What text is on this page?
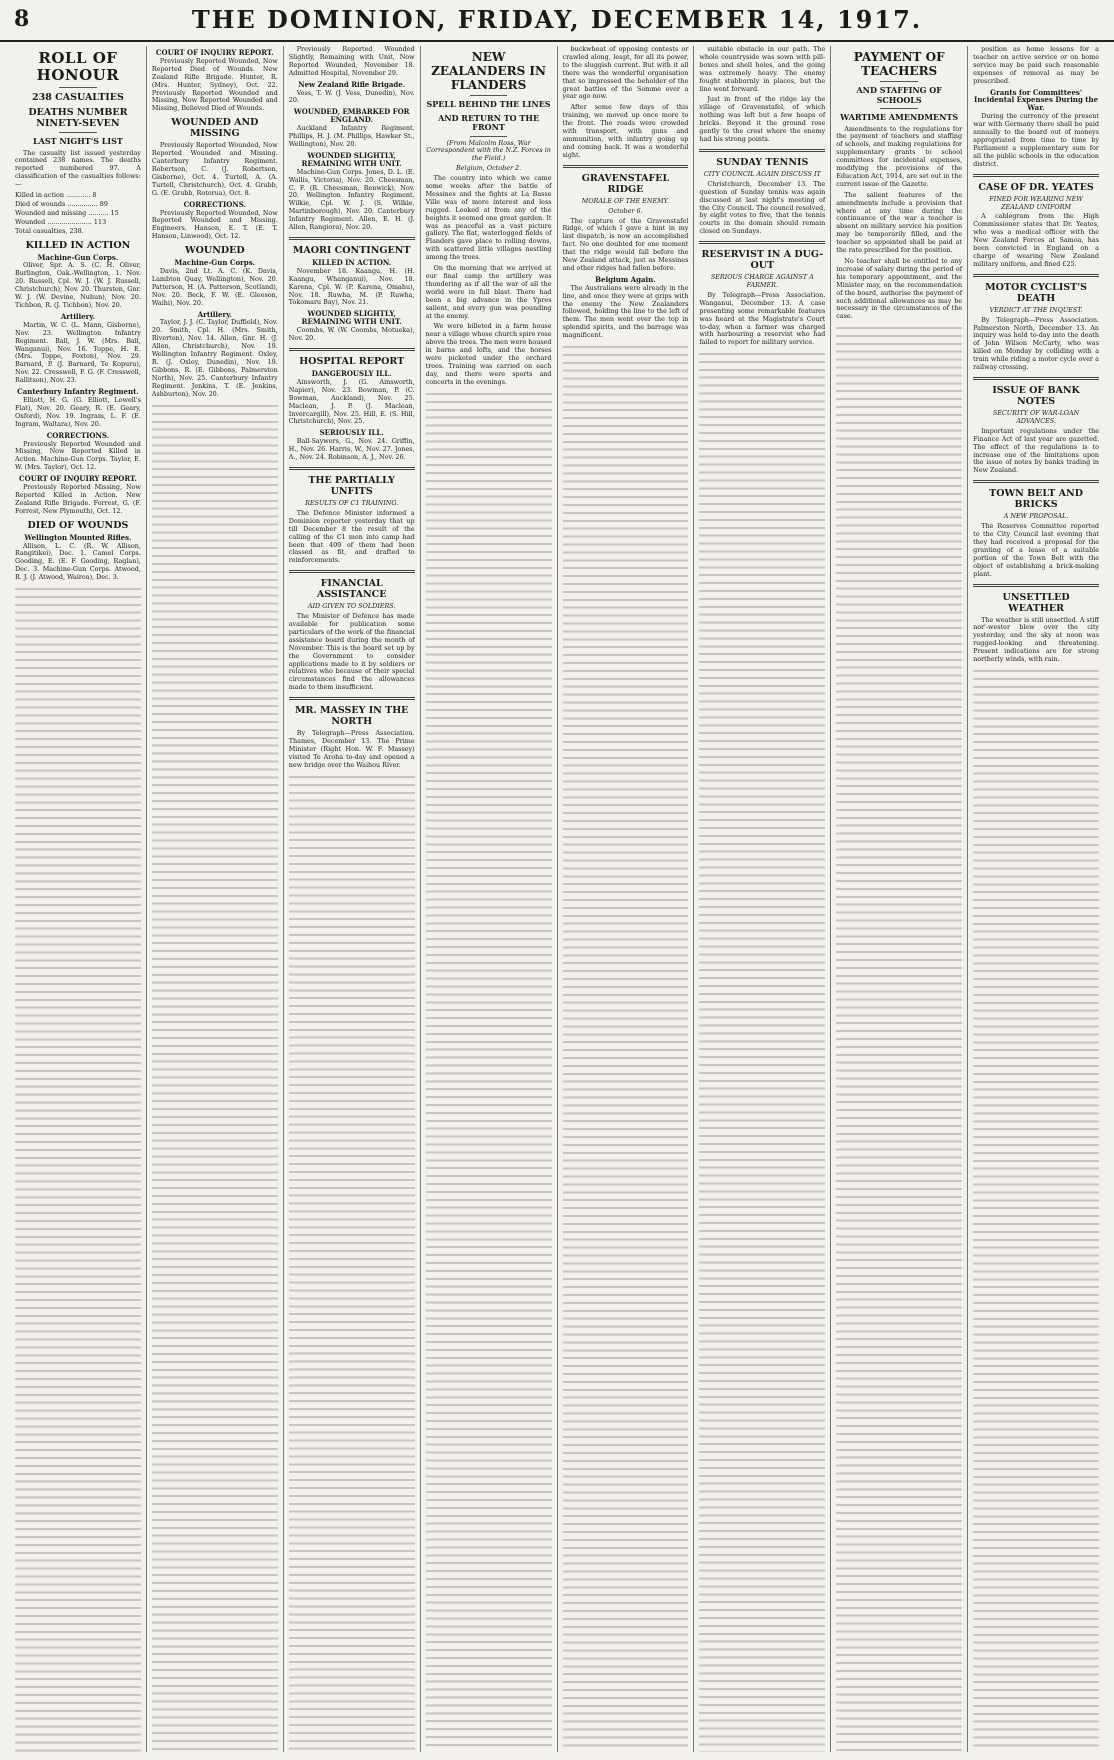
8	THE DOMINION, FRIDAY, DECEMBER 14, 1917.
ROLL OF HONOUR
238 CASUALTIES
DEATHS NUMBER NINETY-SEVEN
LAST NIGHT'S LIST

The casualty list issued yesterday contained 238 names. The deaths reported numbered 97. A classification of the casualties follows:—

Killed in action ............ 8

Died of wounds ............... 89

Wounded and missing .......... 15

Wounded ...................... 113

Total casualties, 238.

KILLED IN ACTION
Machine-Gun Corps.

Oliver, Spr. A. S. (C. H. Oliver, Burlington, Oak.-Wellington, 1. Nov. 20. Russell, Cpl. W. J. (W. J. Russell, Christchurch), Nov. 20. Thurston, Gnr. W. J. (W. Devine, Nuhun), Nov. 20. Tichbon, R. (J. Tichbon), Nov. 20.

Artillery.

Martin, W. C. (L. Mann, Gisborne), Nov. 23. Wellington Infantry Regiment. Ball, J. W. (Mrs. Ball, Wanganui), Nov. 16. Toppe, H. E. (Mrs. Toppe, Foxton), Nov. 29. Barnard, P. (J. Barnard, Te Kopuru), Nov. 22. Cresswell, F. G. (F. Cresswell, Rallitson), Nov. 23.

Canterbury Infantry Regiment.

Elliott, H. G. (G. Elliott, Lowell's Flat), Nov. 20. Geary, R. (E. Geary, Oxford), Nov. 19. Ingram, L. F. (E. Ingram, Waltara), Nov. 20.

CORRECTIONS.

Previously Reported Wounded and Missing, Now Reported Killed in Action. Machine-Gun Corps. Taylor, E. W. (Mrs. Taylor), Oct. 12.

COURT OF INQUIRY REPORT.

Previously Reported Missing, Now Reported Killed in Action. New Zealand Rifle Brigade. Forrest, G. (F. Forrest, New Plymouth), Oct. 12.

DIED OF WOUNDS
Wellington Mounted Rifles.

Allison, L. C. (R. W. Allison, Rangitikei), Dec. 1. Camel Corps. Gooding, E. (E. F. Gooding, Raglan), Dec. 3. Machine-Gun Corps. Atwood, R. J. (J. Atwood, Wairoa), Dec. 3.

COURT OF INQUIRY REPORT.

Previously Reported Wounded, Now Reported Died of Wounds. New Zealand Rifle Brigade. Hunter, R. (Mrs. Hunter, Sydney), Oct. 22. Previously Reported Wounded and Missing, Now Reported Wounded and Missing, Believed Died of Wounds.

WOUNDED AND MISSING

Previously Reported Wounded, Now Reported Wounded and Missing. Canterbury Infantry Regiment. Robertson, C. (J. Robertson, Gisborne), Oct. 4. Turtell, A. (A. Turtell, Christchurch), Oct. 4. Grubb, G. (E. Grubb, Rotorua), Oct. 8.

CORRECTIONS.

Previously Reported Wounded, Now Reported Wounded and Missing. Engineers. Hanson, E. T. (E. T. Hanson, Linwood), Oct. 12.

WOUNDED
Machine-Gun Corps.

Davis, 2nd Lt. A. C. (K. Davis, Lambton Quay, Wellington), Nov. 20. Patterson, H. (A. Patterson, Scotland), Nov. 20. Beck, F. W. (E. Gleeson, Waihi), Nov. 20.

Artillery.

Taylor, J. J. (C. Taylor, Duffield), Nov. 20. Smith, Cpl. H. (Mrs. Smith, Riverton), Nov. 14. Allen, Gnr. H. (J. Allen, Christchurch), Nov. 19. Wellington Infantry Regiment. Oxley, R. (J. Oxley, Dunedin), Nov. 19. Gibbons, R. (E. Gibbons, Palmerston North), Nov. 25. Canterbury Infantry Regiment. Jenkins, T. (E. Jenkins, Ashburton), Nov. 20.

Previously Reported Wounded Slightly, Remaining with Unit, Now Reported Wounded, November 18. Admitted Hospital, November 29.

New Zealand Rifle Brigade.

Vess, T. W. (J. Vess, Dunedin), Nov. 20.

WOUNDED, EMBARKED FOR ENGLAND.

Auckland Infantry Regiment. Phillips, H. J. (M. Phillips, Hawker St., Wellington), Nov. 20.

WOUNDED SLIGHTLY, REMAINING WITH UNIT.

Machine-Gun Corps. Jones, D. L. (E. Wallis, Victoria), Nov. 20. Cheesman, C. F. (R. Cheesman, Renwick), Nov. 20. Wellington Infantry Regiment. Wilkie, Cpl. W. J. (S. Wilkie, Martinborough), Nov. 20. Canterbury Infantry Regiment. Allen, E. H. (J. Allen, Rangiora), Nov. 20.

MAORI CONTINGENT
KILLED IN ACTION.

November 18. Kaangu, H. (H. Kaangu, Whanganui), Nov. 18. Karena, Cpl. W. (P. Karena, Omahu), Nov. 18. Ruwha, M. (P. Ruwha, Tokomaru Bay), Nov. 21.

WOUNDED SLIGHTLY, REMAINING WITH UNIT.

Coombs, W. (W. Coombs, Motueka), Nov. 20.

HOSPITAL REPORT
DANGEROUSLY ILL.

Ainsworth, J. (G. Ainsworth, Napier), Nov. 23. Bowman, P. (C. Bowman, Auckland), Nov. 25. Maclean, J. P. (J. Maclean, Invercargill), Nov. 25. Hill, E. (S. Hill, Christchurch), Nov. 25.

SERIOUSLY ILL.

Ball-Saywers, G., Nov. 24. Griffin, H., Nov. 26. Harris, W., Nov. 27. Jones, A., Nov. 24. Robinson, A. J., Nov. 26.

THE PARTIALLY UNFITS
RESULTS OF C1 TRAINING.

The Defence Minister informed a Dominion reporter yesterday that up till December 8 the result of the calling of the C1 men into camp had been that 409 of them had been classed as fit, and drafted to reinforcements.

FINANCIAL ASSISTANCE
AID GIVEN TO SOLDIERS.

The Minister of Defence has made available for publication some particulars of the work of the financial assistance board during the month of November. This is the board set up by the Government to consider applications made to it by soldiers or relatives who because of their special circumstances find the allowances made to them insufficient.

MR. MASSEY IN THE NORTH

By Telegraph—Press Association. Thames, December 13. The Prime Minister (Right Hon. W. F. Massey) visited Te Aroha to-day and opened a new bridge over the Waihou River.

NEW ZEALANDERS IN FLANDERS
SPELL BEHIND THE LINES
AND RETURN TO THE FRONT
(From Malcolm Ross, War Correspondent with the N.Z. Forces in the Field.)
Belgium, October 2.

The country into which we came some weeks after the battle of Messines and the fights at La Basse Ville was of more interest and less rugged. Looked at from any of the heights it seemed one great garden. It was as peaceful as a vast picture gallery. The flat, waterlogged fields of Flanders gave place to rolling downs, with scattered little villages nestling among the trees.

On the morning that we arrived at our final camp the artillery was thundering as if all the war of all the world were in full blast. There had been a big advance in the Ypres salient, and every gun was pounding at the enemy.

We were billeted in a farm house near a village whose church spire rose above the trees. The men were housed in barns and lofts, and the horses were picketed under the orchard trees. Training was carried on each day, and there were sports and concerts in the evenings.

buckwheat of opposing contests or crawled along, leapt, for all its power, to the sluggish current. But with it all there was the wonderful organisation that so impressed the beholder of the great battles of the Somme over a year ago now.

After some few days of this training, we moved up once more to the front. The roads were crowded with transport, with guns and ammunition, with infantry going up and coming back. It was a wonderful sight.

GRAVENSTAFEL RIDGE
MORALE OF THE ENEMY.
October 6.

The capture of the Gravenstafel Ridge, of which I gave a hint in my last dispatch, is now an accomplished fact. No one doubted for one moment that the ridge would fall before the New Zealand attack, just as Messines and other ridges had fallen before.

Belgium Again.

The Australians were already in the line, and once they were at grips with the enemy the New Zealanders followed, holding the line to the left of them. The men went over the top in splendid spirits, and the barrage was magnificent.

suitable obstacle in our path. The whole countryside was sown with pill-boxes and shell holes, and the going was extremely heavy. The enemy fought stubbornly in places, but the line went forward.

Just in front of the ridge lay the village of Gravenstafel, of which nothing was left but a few heaps of bricks. Beyond it the ground rose gently to the crest where the enemy had his strong points.

SUNDAY TENNIS
CITY COUNCIL AGAIN DISCUSS IT

Christchurch, December 13. The question of Sunday tennis was again discussed at last night's meeting of the City Council. The council resolved, by eight votes to five, that the tennis courts in the domain should remain closed on Sundays.

RESERVIST IN A DUG-OUT
SERIOUS CHARGE AGAINST A FARMER.

By Telegraph—Press Association. Wanganui, December 13. A case presenting some remarkable features was heard at the Magistrate's Court to-day, when a farmer was charged with harbouring a reservist who had failed to report for military service.

PAYMENT OF TEACHERS
AND STAFFING OF SCHOOLS
WARTIME AMENDMENTS

Amendments to the regulations for the payment of teachers and staffing of schools, and making regulations for supplementary grants to school committees for incidental expenses, modifying the provisions of the Education Act, 1914, are set out in the current issue of the Gazette.

The salient features of the amendments include a provision that where at any time during the continuance of the war a teacher is absent on military service his position may be temporarily filled, and the teacher so appointed shall be paid at the rate prescribed for the position.

No teacher shall be entitled to any increase of salary during the period of his temporary appointment, and the Minister may, on the recommendation of the board, authorise the payment of such additional allowances as may be necessary in the circumstances of the case.

position as home lessons for a teacher on active service or on home service may be paid such reasonable expenses of removal as may be prescribed.

Grants for Committees' Incidental Expenses During the War.

During the currency of the present war with Germany there shall be paid annually to the board out of moneys appropriated from time to time by Parliament a supplementary sum for all the public schools in the education district.

CASE OF DR. YEATES
FINED FOR WEARING NEW ZEALAND UNIFORM

A cablegram from the High Commissioner states that Dr. Yeates, who was a medical officer with the New Zealand Forces at Samoa, has been convicted in England on a charge of wearing New Zealand military uniform, and fined £25.

MOTOR CYCLIST'S DEATH
VERDICT AT THE INQUEST.

By Telegraph—Press Association. Palmerston North, December 13. An inquiry was held to-day into the death of John Wilson McCarty, who was killed on Monday by colliding with a train while riding a motor cycle over a railway crossing.

ISSUE OF BANK NOTES
SECURITY OF WAR-LOAN ADVANCES.

Important regulations under the Finance Act of last year are gazetted. The effect of the regulations is to increase one of the limitations upon the issue of notes by banks trading in New Zealand.

TOWN BELT AND BRICKS
A NEW PROPOSAL.

The Reserves Committee reported to the City Council last evening that they had received a proposal for the granting of a lease of a suitable portion of the Town Belt with the object of establishing a brick-making plant.

UNSETTLED WEATHER

The weather is still unsettled. A stiff nor'-wester blew over the city yesterday, and the sky at noon was rugged-looking and threatening. Present indications are for strong northerly winds, with rain.
